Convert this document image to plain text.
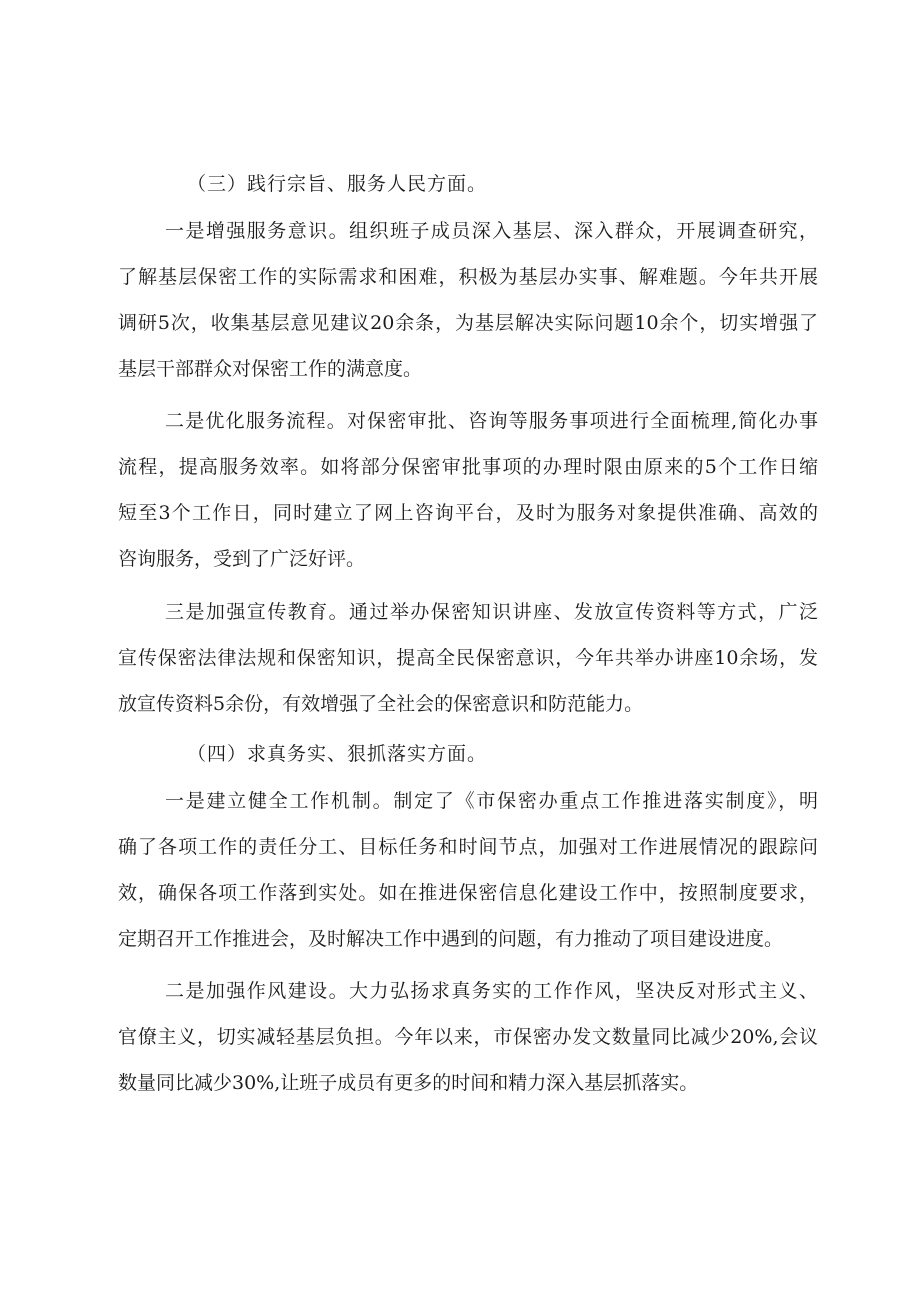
（三）践行宗旨、服务人民方面。
一是增强服务意识。组织班子成员深入基层、深入群众，开展调查研究，
了解基层保密工作的实际需求和困难，积极为基层办实事、解难题。今年共开展
调研5次，收集基层意见建议20余条，为基层解决实际问题10余个，切实增强了
基层干部群众对保密工作的满意度。
二是优化服务流程。对保密审批、咨询等服务事项进行全面梳理,简化办事
流程，提高服务效率。如将部分保密审批事项的办理时限由原来的5个工作日缩
短至3个工作日，同时建立了网上咨询平台，及时为服务对象提供准确、高效的
咨询服务，受到了广泛好评。
三是加强宣传教育。通过举办保密知识讲座、发放宣传资料等方式，广泛
宣传保密法律法规和保密知识，提高全民保密意识，今年共举办讲座10余场，发
放宣传资料5余份，有效增强了全社会的保密意识和防范能力。
（四）求真务实、狠抓落实方面。
一是建立健全工作机制。制定了《市保密办重点工作推进落实制度》，明
确了各项工作的责任分工、目标任务和时间节点，加强对工作进展情况的跟踪问
效，确保各项工作落到实处。如在推进保密信息化建设工作中，按照制度要求，
定期召开工作推进会，及时解决工作中遇到的问题，有力推动了项目建设进度。
二是加强作风建设。大力弘扬求真务实的工作作风，坚决反对形式主义、
官僚主义，切实减轻基层负担。今年以来，市保密办发文数量同比减少20%,会议
数量同比减少30%,让班子成员有更多的时间和精力深入基层抓落实。
